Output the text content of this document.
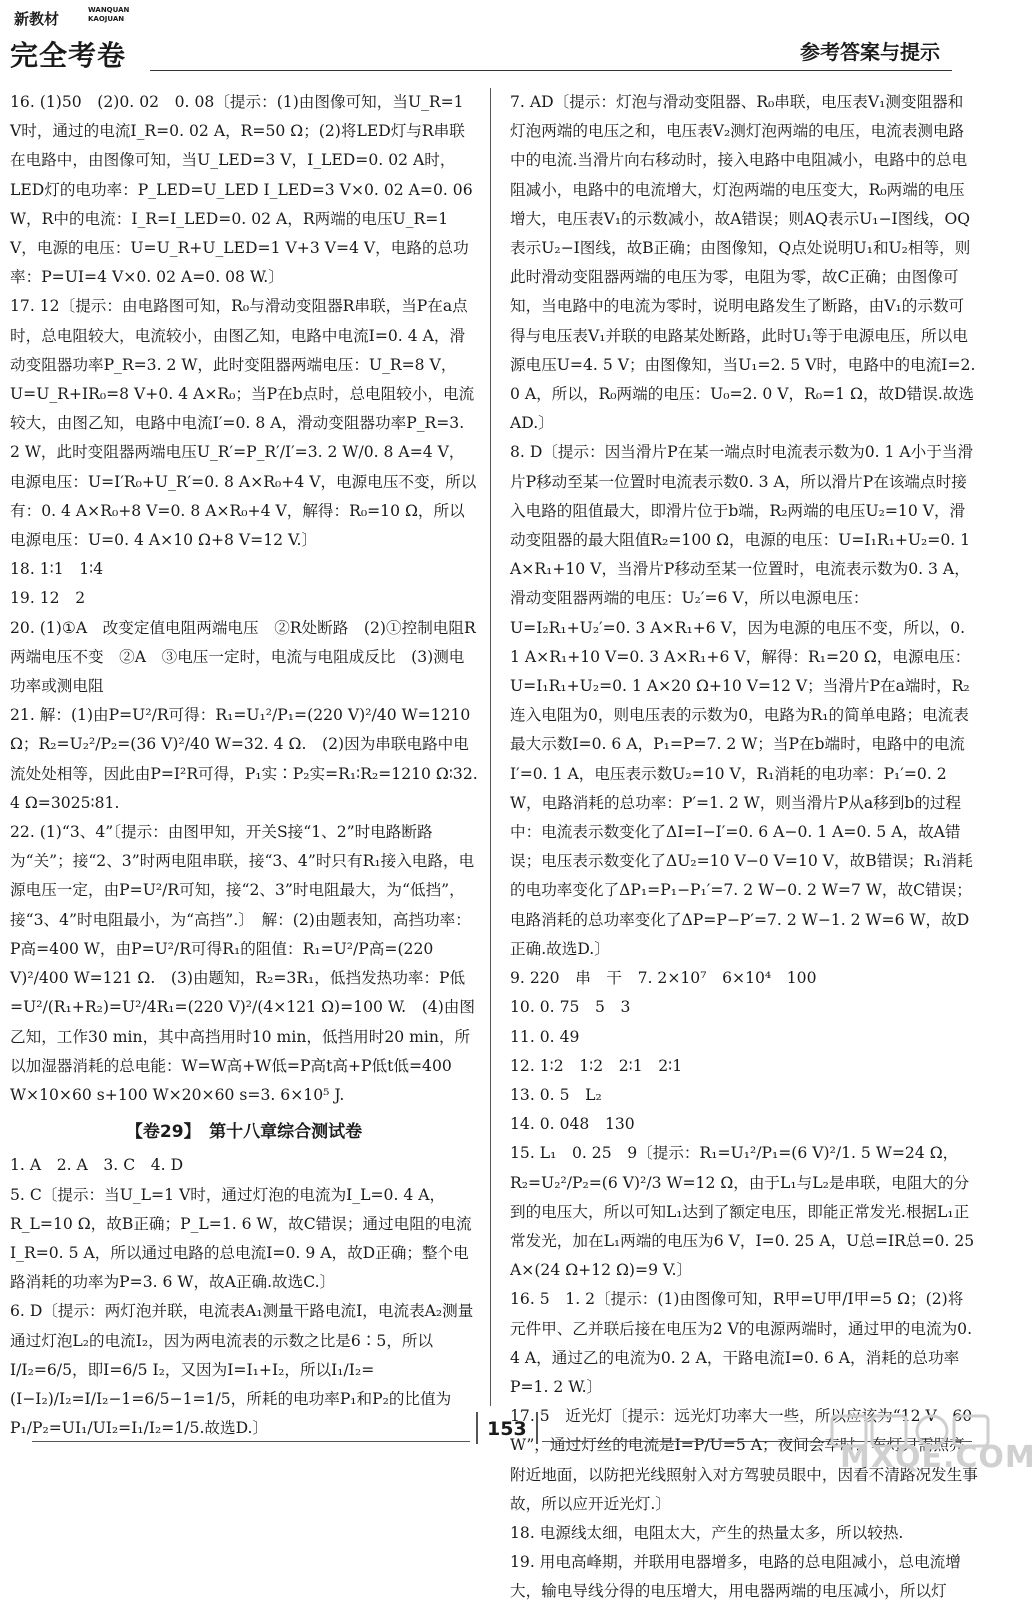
新教材	WANQUAN
KAOJUAN
完全考卷	参考答案与提示

16. (1)50　(2)0. 02　0. 08〔提示：(1)由图像可知，当U_R=1 V时，通过的电流I_R=0. 02 A，R=50 Ω；(2)将LED灯与R串联在电路中，由图像可知，当U_LED=3 V，I_LED=0. 02 A时，LED灯的电功率：P_LED=U_LED I_LED=3 V×0. 02 A=0. 06 W，R中的电流：I_R=I_LED=0. 02 A，R两端的电压U_R=1 V，电源的电压：U=U_R+U_LED=1 V+3 V=4 V，电路的总功率：P=UI=4 V×0. 02 A=0. 08 W.〕

17. 12〔提示：由电路图可知，R₀与滑动变阻器R串联，当P在a点时，总电阻较大，电流较小，由图乙知，电路中电流I=0. 4 A，滑动变阻器功率P_R=3. 2 W，此时变阻器两端电压：U_R=8 V，U=U_R+IR₀=8 V+0. 4 A×R₀；当P在b点时，总电阻较小，电流较大，由图乙知，电路中电流I′=0. 8 A，滑动变阻器功率P_R=3. 2 W，此时变阻器两端电压U_R′=P_R′/I′=3. 2 W/0. 8 A=4 V，电源电压：U=I′R₀+U_R′=0. 8 A×R₀+4 V，电源电压不变，所以有：0. 4 A×R₀+8 V=0. 8 A×R₀+4 V，解得：R₀=10 Ω，所以电源电压：U=0. 4 A×10 Ω+8 V=12 V.〕

18. 1∶1　1∶4

19. 12　2

20. (1)①A　改变定值电阻两端电压　②R处断路　(2)①控制电阻R两端电压不变　②A　③电压一定时，电流与电阻成反比　(3)测电功率或测电阻

21. 解：(1)由P=U²/R可得：R₁=U₁²/P₁=(220 V)²/40 W=1210 Ω；R₂=U₂²/P₂=(36 V)²/40 W=32. 4 Ω.　(2)因为串联电路中电流处处相等，因此由P=I²R可得，P₁实∶P₂实=R₁∶R₂=1210 Ω∶32. 4 Ω=3025∶81.

22. (1)“3、4”〔提示：由图甲知，开关S接“1、2”时电路断路为“关”；接“2、3”时两电阻串联，接“3、4”时只有R₁接入电路，电源电压一定，由P=U²/R可知，接“2、3”时电阻最大，为“低挡”，接“3、4”时电阻最小，为“高挡”.〕　解：(2)由题表知，高挡功率：P高=400 W，由P=U²/R可得R₁的阻值：R₁=U²/P高=(220 V)²/400 W=121 Ω.　(3)由题知，R₂=3R₁，低挡发热功率：P低=U²/(R₁+R₂)=U²/4R₁=(220 V)²/(4×121 Ω)=100 W.　(4)由图乙知，工作30 min，其中高挡用时10 min，低挡用时20 min，所以加湿器消耗的总电能：W=W高+W低=P高t高+P低t低=400 W×10×60 s+100 W×20×60 s=3. 6×10⁵ J.

【卷29】　 第十八章综合测试卷

1. A　2. A　3. C　4. D

5. C〔提示：当U_L=1 V时，通过灯泡的电流为I_L=0. 4 A，R_L=10 Ω，故B正确；P_L=1. 6 W，故C错误；通过电阻的电流I_R=0. 5 A，所以通过电路的总电流I=0. 9 A，故D正确；整个电路消耗的功率为P=3. 6 W，故A正确.故选C.〕

6. D〔提示：两灯泡并联，电流表A₁测量干路电流I，电流表A₂测量通过灯泡L₂的电流I₂，因为两电流表的示数之比是6∶5，所以I/I₂=6/5，即I=6/5 I₂，又因为I=I₁+I₂，所以I₁/I₂=(I−I₂)/I₂=I/I₂−1=6/5−1=1/5，所耗的电功率P₁和P₂的比值为P₁/P₂=UI₁/UI₂=I₁/I₂=1/5.故选D.〕

7. AD〔提示：灯泡与滑动变阻器、R₀串联，电压表V₁测变阻器和灯泡两端的电压之和，电压表V₂测灯泡两端的电压，电流表测电路中的电流.当滑片向右移动时，接入电路中电阻减小，电路中的总电阻减小，电路中的电流增大，灯泡两端的电压变大，R₀两端的电压增大，电压表V₁的示数减小，故A错误；则AQ表示U₁−I图线，OQ表示U₂−I图线，故B正确；由图像知，Q点处说明U₁和U₂相等，则此时滑动变阻器两端的电压为零，电阻为零，故C正确；由图像可知，当电路中的电流为零时，说明电路发生了断路，由V₁的示数可得与电压表V₁并联的电路某处断路，此时U₁等于电源电压，所以电源电压U=4. 5 V；由图像知，当U₁=2. 5 V时，电路中的电流I=2. 0 A，所以，R₀两端的电压：U₀=2. 0 V，R₀=1 Ω，故D错误.故选AD.〕

8. D〔提示：因当滑片P在某一端点时电流表示数为0. 1 A小于当滑片P移动至某一位置时电流表示数0. 3 A，所以滑片P在该端点时接入电路的阻值最大，即滑片位于b端，R₂两端的电压U₂=10 V，滑动变阻器的最大阻值R₂=100 Ω，电源的电压：U=I₁R₁+U₂=0. 1 A×R₁+10 V，当滑片P移动至某一位置时，电流表示数为0. 3 A，滑动变阻器两端的电压：U₂′=6 V，所以电源电压：U=I₂R₁+U₂′=0. 3 A×R₁+6 V，因为电源的电压不变，所以，0. 1 A×R₁+10 V=0. 3 A×R₁+6 V，解得：R₁=20 Ω，电源电压：U=I₁R₁+U₂=0. 1 A×20 Ω+10 V=12 V；当滑片P在a端时，R₂连入电阻为0，则电压表的示数为0，电路为R₁的简单电路；电流表最大示数I=0. 6 A，P₁=P=7. 2 W；当P在b端时，电路中的电流I′=0. 1 A，电压表示数U₂=10 V，R₁消耗的电功率：P₁′=0. 2 W，电路消耗的总功率：P′=1. 2 W，则当滑片P从a移到b的过程中：电流表示数变化了ΔI=I−I′=0. 6 A−0. 1 A=0. 5 A，故A错误；电压表示数变化了ΔU₂=10 V−0 V=10 V，故B错误；R₁消耗的电功率变化了ΔP₁=P₁−P₁′=7. 2 W−0. 2 W=7 W，故C错误；电路消耗的总功率变化了ΔP=P−P′=7. 2 W−1. 2 W=6 W，故D正确.故选D.〕

9. 220　串　干　7. 2×10⁷　6×10⁴　100

10. 0. 75　5　3

11. 0. 49

12. 1∶2　1∶2　2∶1　2∶1

13. 0. 5　L₂

14. 0. 048　130

15. L₁　0. 25　9〔提示：R₁=U₁²/P₁=(6 V)²/1. 5 W=24 Ω，R₂=U₂²/P₂=(6 V)²/3 W=12 Ω，由于L₁与L₂是串联，电阻大的分到的电压大，所以可知L₁达到了额定电压，即能正常发光.根据L₁正常发光，加在L₁两端的电压为6 V，I=0. 25 A，U总=IR总=0. 25 A×(24 Ω+12 Ω)=9 V.〕

16. 5　1. 2〔提示：(1)由图像可知，R甲=U甲/I甲=5 Ω；(2)将元件甲、乙并联后接在电压为2 V的电源两端时，通过甲的电流为0. 4 A，通过乙的电流为0. 2 A，干路电流I=0. 6 A，消耗的总功率P=1. 2 W.〕

17. 5　近光灯〔提示：远光灯功率大一些，所以应该为“12 V　60 W”，通过灯丝的电流是I=P/U=5 A；夜间会车时，车灯只需照亮附近地面，以防把光线照射入对方驾驶员眼中，因看不清路况发生事故，所以应开近光灯.〕

18. 电源线太细，电阻太大，产生的热量太多，所以较热.

19. 用电高峰期，并联用电器增多，电路的总电阻减小，总电流增大，输电导线分得的电压增大，用电器两端的电压减小，所以灯

153
MXQE.COM
